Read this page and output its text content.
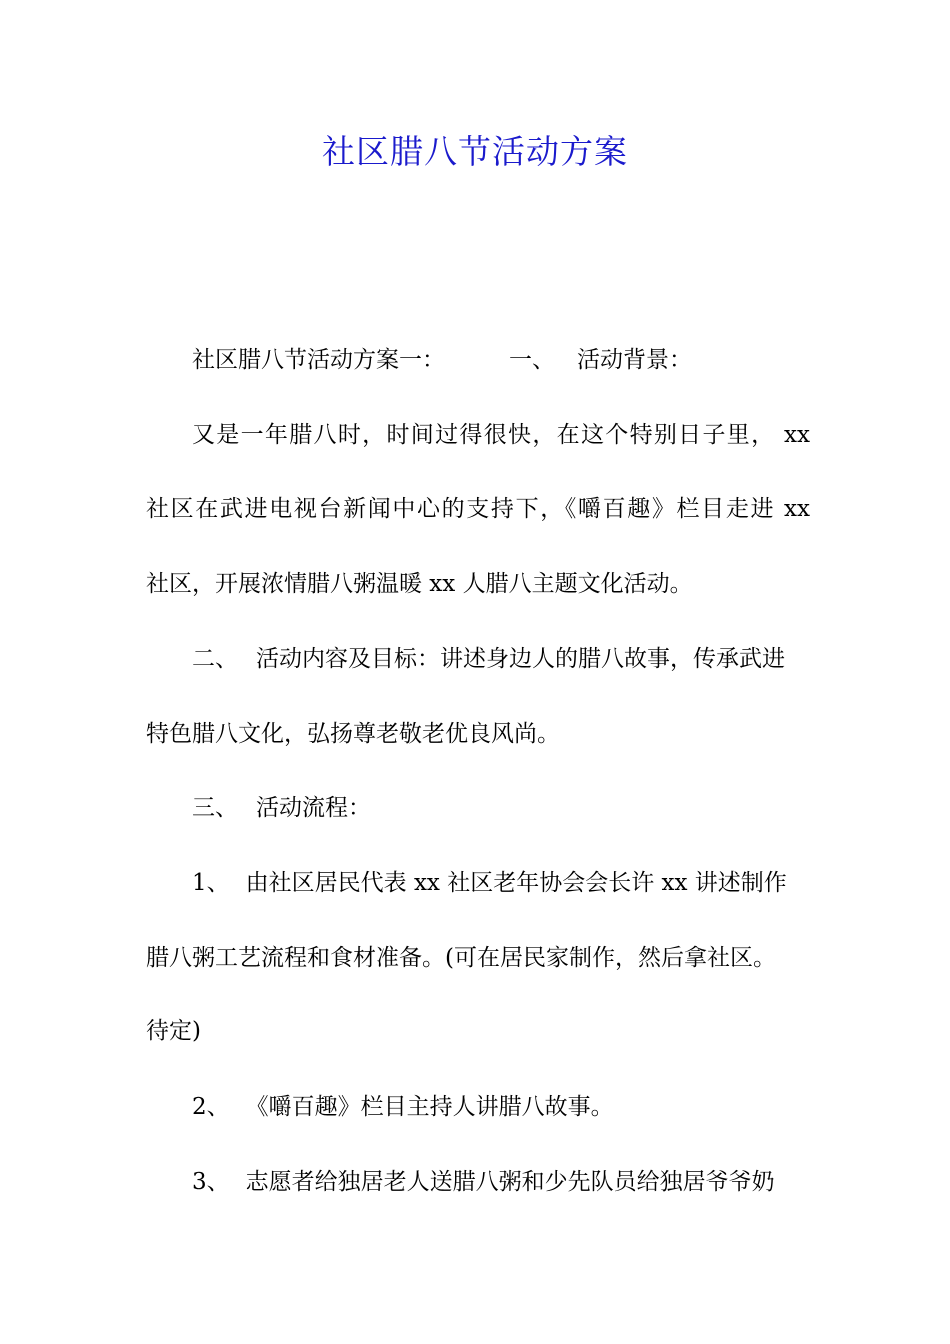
社区腊八节活动方案
社区腊八节活动方案一：	一、 活动背景：
又是一年腊八时，时间过得很快，在这个特别日子里， xx
社区在武进电视台新闻中心的支持下，《嚼百趣》栏目走进 xx
社区，开展浓情腊八粥温暖 xx 人腊八主题文化活动。
二、 活动内容及目标：讲述身边人的腊八故事，传承武进
特色腊八文化，弘扬尊老敬老优良风尚。
三、 活动流程：
1、 由社区居民代表 xx 社区老年协会会长许 xx 讲述制作
腊八粥工艺流程和食材准备。(可在居民家制作，然后拿社区。
待定)
2、 《嚼百趣》栏目主持人讲腊八故事。
3、 志愿者给独居老人送腊八粥和少先队员给独居爷爷奶
